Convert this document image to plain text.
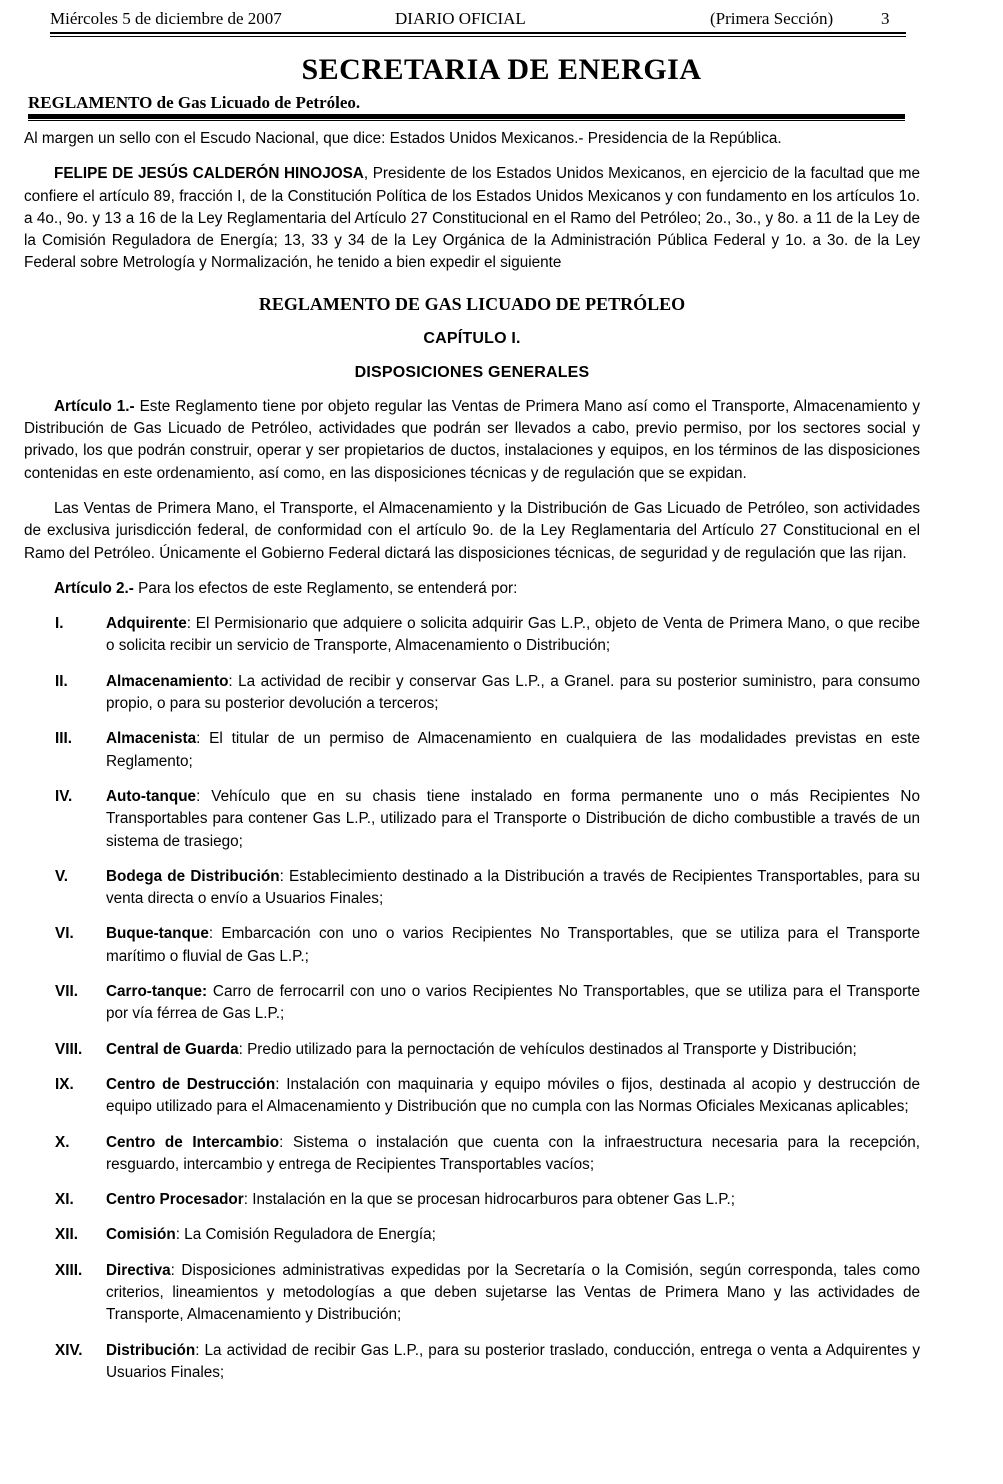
Miércoles 5 de diciembre de 2007	DIARIO OFICIAL	(Primera Sección)	3
SECRETARIA DE ENERGIA
REGLAMENTO de Gas Licuado de Petróleo.

Al margen un sello con el Escudo Nacional, que dice: Estados Unidos Mexicanos.- Presidencia de la República.

FELIPE DE JESÚS CALDERÓN HINOJOSA, Presidente de los Estados Unidos Mexicanos, en ejercicio de la facultad que me confiere el artículo 89, fracción I, de la Constitución Política de los Estados Unidos Mexicanos y con fundamento en los artículos 1o. a 4o., 9o. y 13 a 16 de la Ley Reglamentaria del Artículo 27 Constitucional en el Ramo del Petróleo; 2o., 3o., y 8o. a 11 de la Ley de la Comisión Reguladora de Energía; 13, 33 y 34 de la Ley Orgánica de la Administración Pública Federal y 1o. a 3o. de la Ley Federal sobre Metrología y Normalización, he tenido a bien expedir el siguiente

REGLAMENTO DE GAS LICUADO DE PETRÓLEO
CAPÍTULO I.
DISPOSICIONES GENERALES

Artículo 1.- Este Reglamento tiene por objeto regular las Ventas de Primera Mano así como el Transporte, Almacenamiento y Distribución de Gas Licuado de Petróleo, actividades que podrán ser llevados a cabo, previo permiso, por los sectores social y privado, los que podrán construir, operar y ser propietarios de ductos, instalaciones y equipos, en los términos de las disposiciones contenidas en este ordenamiento, así como, en las disposiciones técnicas y de regulación que se expidan.

Las Ventas de Primera Mano, el Transporte, el Almacenamiento y la Distribución de Gas Licuado de Petróleo, son actividades de exclusiva jurisdicción federal, de conformidad con el artículo 9o. de la Ley Reglamentaria del Artículo 27 Constitucional en el Ramo del Petróleo. Únicamente el Gobierno Federal dictará las disposiciones técnicas, de seguridad y de regulación que las rijan.

Artículo 2.- Para los efectos de este Reglamento, se entenderá por:

I.	Adquirente: El Permisionario que adquiere o solicita adquirir Gas L.P., objeto de Venta de Primera Mano, o que recibe o solicita recibir un servicio de Transporte, Almacenamiento o Distribución;
II.	Almacenamiento: La actividad de recibir y conservar Gas L.P., a Granel. para su posterior suministro, para consumo propio, o para su posterior devolución a terceros;
III.	Almacenista: El titular de un permiso de Almacenamiento en cualquiera de las modalidades previstas en este Reglamento;
IV.	Auto-tanque: Vehículo que en su chasis tiene instalado en forma permanente uno o más Recipientes No Transportables para contener Gas L.P., utilizado para el Transporte o Distribución de dicho combustible a través de un sistema de trasiego;
V.	Bodega de Distribución: Establecimiento destinado a la Distribución a través de Recipientes Transportables, para su venta directa o envío a Usuarios Finales;
VI.	Buque-tanque: Embarcación con uno o varios Recipientes No Transportables, que se utiliza para el Transporte marítimo o fluvial de Gas L.P.;
VII.	Carro-tanque: Carro de ferrocarril con uno o varios Recipientes No Transportables, que se utiliza para el Transporte por vía férrea de Gas L.P.;
VIII.	Central de Guarda: Predio utilizado para la pernoctación de vehículos destinados al Transporte y Distribución;
IX.	Centro de Destrucción: Instalación con maquinaria y equipo móviles o fijos, destinada al acopio y destrucción de equipo utilizado para el Almacenamiento y Distribución que no cumpla con las Normas Oficiales Mexicanas aplicables;
X.	Centro de Intercambio: Sistema o instalación que cuenta con la infraestructura necesaria para la recepción, resguardo, intercambio y entrega de Recipientes Transportables vacíos;
XI.	Centro Procesador: Instalación en la que se procesan hidrocarburos para obtener Gas L.P.;
XII.	Comisión: La Comisión Reguladora de Energía;
XIII.	Directiva: Disposiciones administrativas expedidas por la Secretaría o la Comisión, según corresponda, tales como criterios, lineamientos y metodologías a que deben sujetarse las Ventas de Primera Mano y las actividades de Transporte, Almacenamiento y Distribución;
XIV.	Distribución: La actividad de recibir Gas L.P., para su posterior traslado, conducción, entrega o venta a Adquirentes y Usuarios Finales;
